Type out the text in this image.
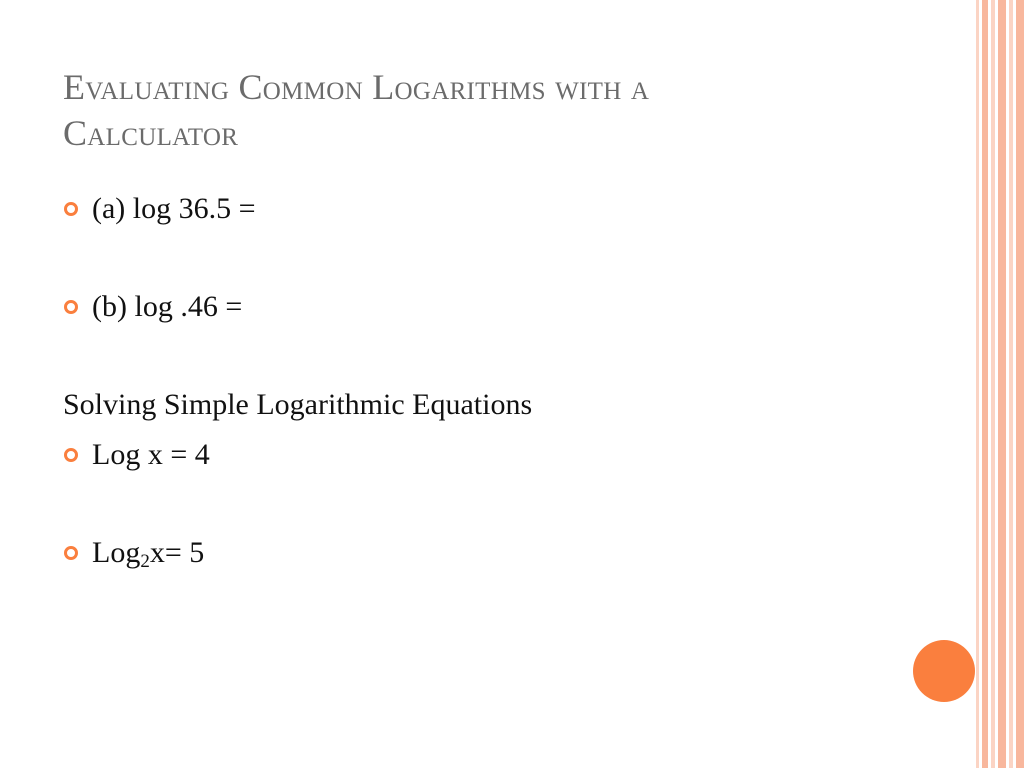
Evaluating Common Logarithms with a
Calculator
(a) log 36.5 =
(b) log .46 =
Solving Simple Logarithmic Equations
Log x = 4
Log$_2$x= 5
